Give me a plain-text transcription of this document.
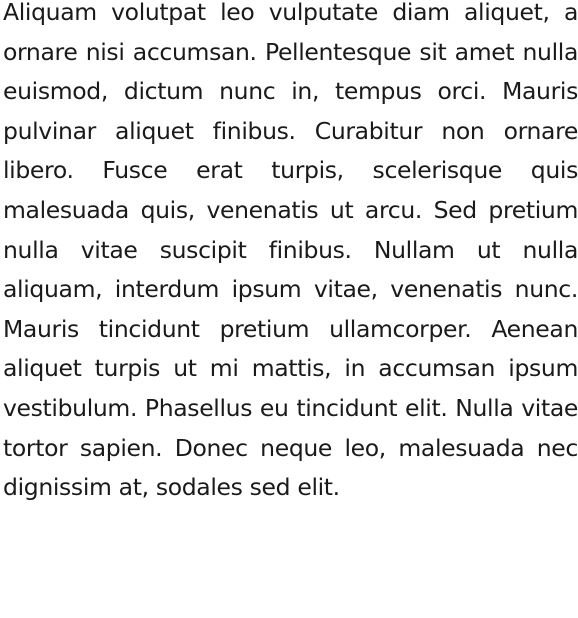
Aliquam volutpat leo vulputate diam aliquet, a ornare nisi accumsan. Pellentesque sit amet nulla euismod, dictum nunc in, tempus orci. Mauris pulvinar aliquet finibus. Curabitur non ornare libero. Fusce erat turpis, scelerisque quis malesuada quis, venenatis ut arcu. Sed pretium nulla vitae suscipit finibus. Nullam ut nulla aliquam, interdum ipsum vitae, venenatis nunc. Mauris tincidunt pretium ullamcorper. Aenean aliquet turpis ut mi mattis, in accumsan ipsum vestibulum. Phasellus eu tincidunt elit. Nulla vitae tortor sapien. Donec neque leo, malesuada nec dignissim at, sodales sed elit.
